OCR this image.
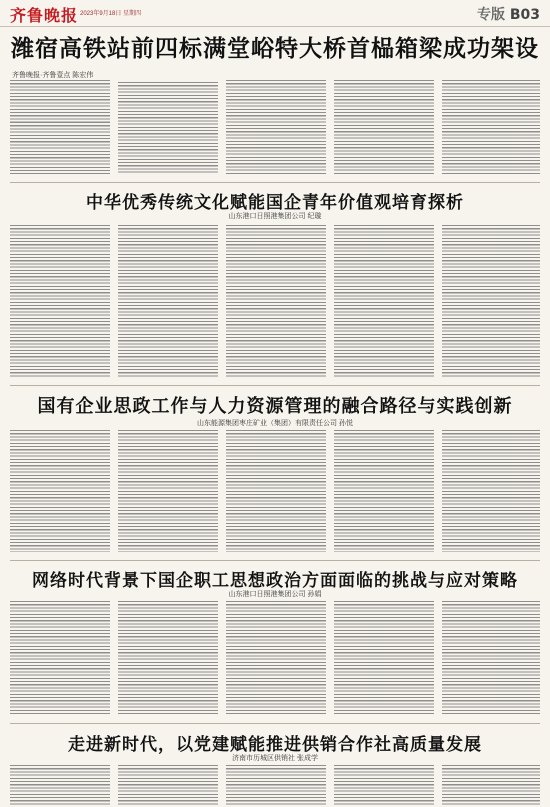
齐鲁晚报 2023年9月18日 星期四	专版 B03
潍宿高铁站前四标满堂峪特大桥首榀箱梁成功架设
齐鲁晚报·齐鲁壹点 陈宏伟
中华优秀传统文化赋能国企青年价值观培育探析
山东港口日照港集团公司 纪璇
国有企业思政工作与人力资源管理的融合路径与实践创新
山东能源集团枣庄矿业（集团）有限责任公司 孙悦
网络时代背景下国企职工思想政治方面面临的挑战与应对策略
山东港口日照港集团公司 孙娟
走进新时代，以党建赋能推进供销合作社高质量发展
济南市历城区供销社 张成学
